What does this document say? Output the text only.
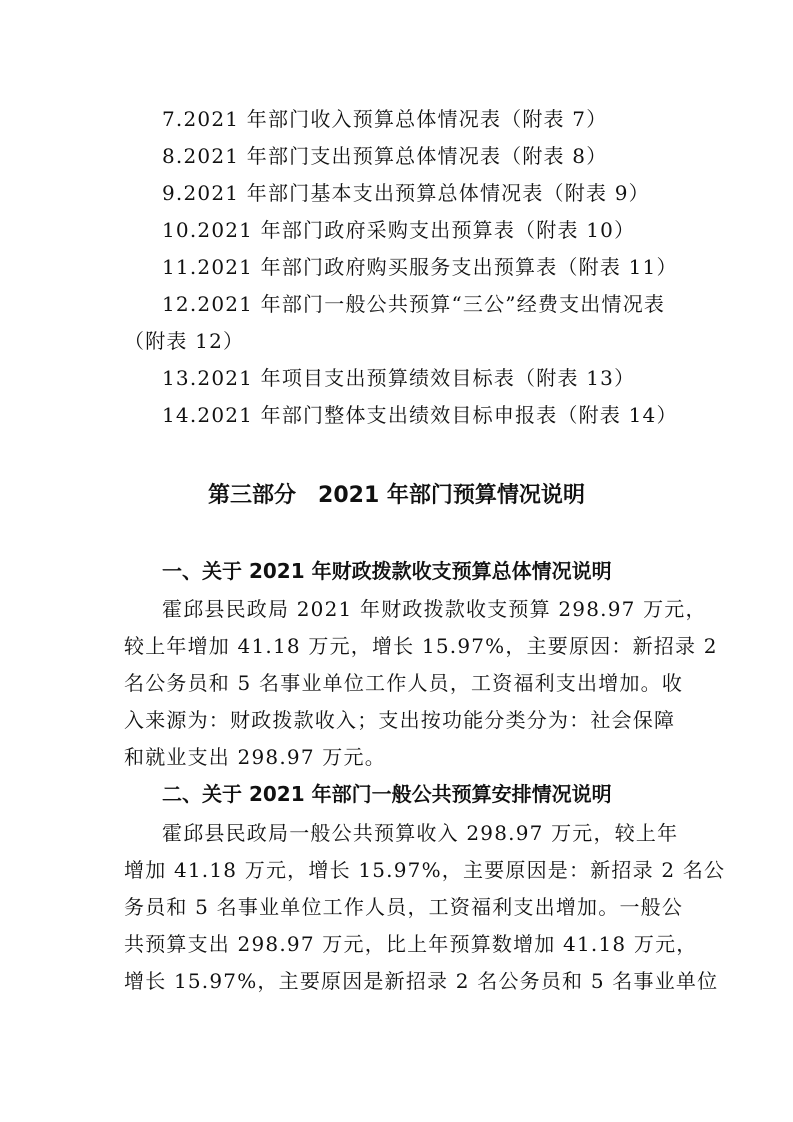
7.2021 年部门收入预算总体情况表（附表 7）
8.2021 年部门支出预算总体情况表（附表 8）
9.2021 年部门基本支出预算总体情况表（附表 9）
10.2021 年部门政府采购支出预算表（附表 10）
11.2021 年部门政府购买服务支出预算表（附表 11）
12.2021 年部门一般公共预算“三公”经费支出情况表
（附表 12）
13.2021 年项目支出预算绩效目标表（附表 13）
14.2021 年部门整体支出绩效目标申报表（附表 14）
第三部分　2021 年部门预算情况说明
一、关于 2021 年财政拨款收支预算总体情况说明
霍邱县民政局 2021 年财政拨款收支预算 298.97 万元，
较上年增加 41.18 万元，增长 15.97%，主要原因：新招录 2
名公务员和 5 名事业单位工作人员，工资福利支出增加。收
入来源为：财政拨款收入；支出按功能分类分为：社会保障
和就业支出 298.97 万元。
二、关于 2021 年部门一般公共预算安排情况说明
霍邱县民政局一般公共预算收入 298.97 万元，较上年
增加 41.18 万元，增长 15.97%，主要原因是：新招录 2 名公
务员和 5 名事业单位工作人员，工资福利支出增加。一般公
共预算支出 298.97 万元，比上年预算数增加 41.18 万元，
增长 15.97%，主要原因是新招录 2 名公务员和 5 名事业单位
